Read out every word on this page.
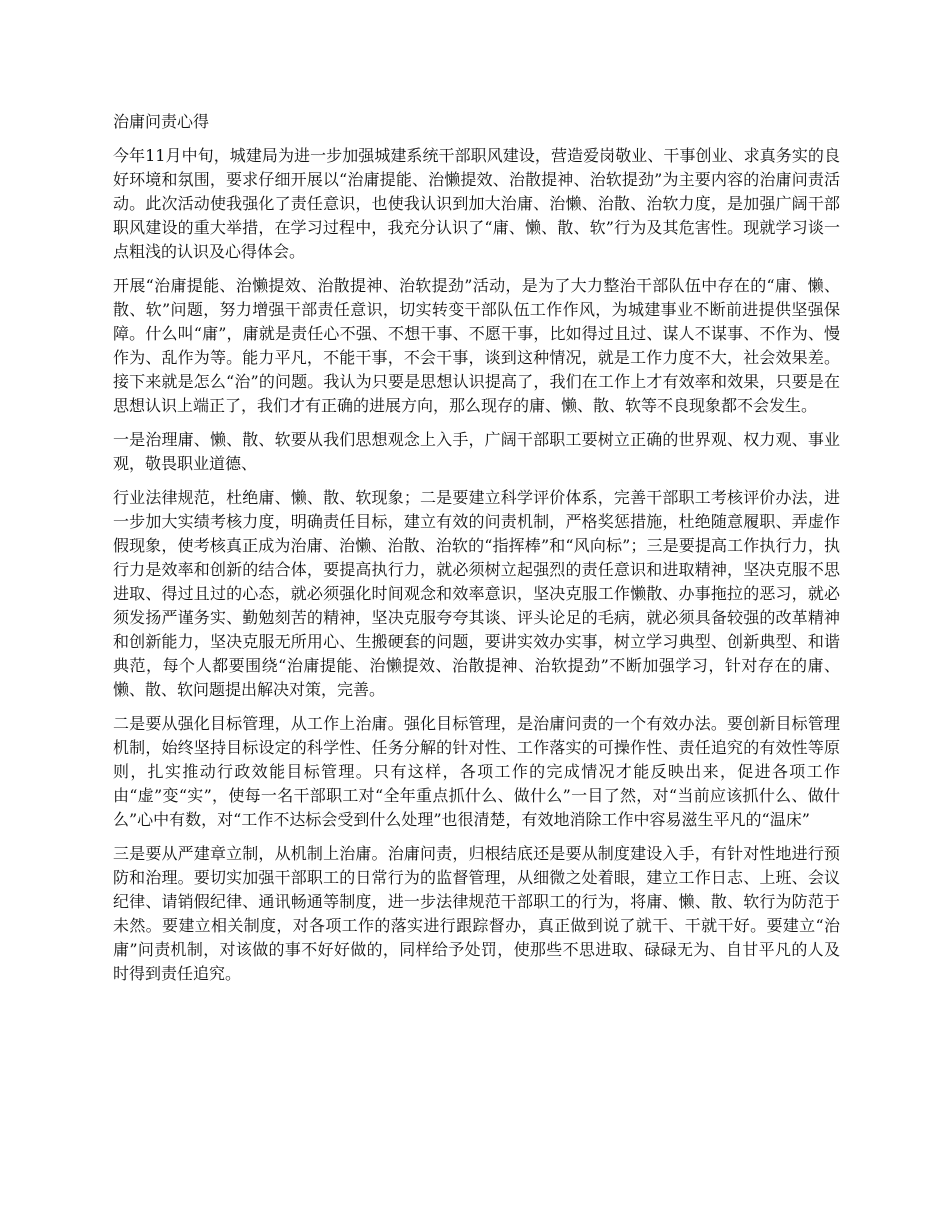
治庸问责心得

今年11月中旬，城建局为进一步加强城建系统干部职风建设，营造爱岗敬业、干事创业、求真务实的良好环境和氛围，要求仔细开展以“治庸提能、治懒提效、治散提神、治软提劲”为主要内容的治庸问责活动。此次活动使我强化了责任意识，也使我认识到加大治庸、治懒、治散、治软力度，是加强广阔干部职风建设的重大举措，在学习过程中，我充分认识了“庸、懒、散、软”行为及其危害性。现就学习谈一点粗浅的认识及心得体会。

开展“治庸提能、治懒提效、治散提神、治软提劲”活动，是为了大力整治干部队伍中存在的“庸、懒、散、软”问题，努力增强干部责任意识，切实转变干部队伍工作作风，为城建事业不断前进提供坚强保障。什么叫“庸”，庸就是责任心不强、不想干事、不愿干事，比如得过且过、谋人不谋事、不作为、慢作为、乱作为等。能力平凡，不能干事，不会干事，谈到这种情况，就是工作力度不大，社会效果差。接下来就是怎么“治”的问题。我认为只要是思想认识提高了，我们在工作上才有效率和效果，只要是在思想认识上端正了，我们才有正确的进展方向，那么现存的庸、懒、散、软等不良现象都不会发生。

一是治理庸、懒、散、软要从我们思想观念上入手，广阔干部职工要树立正确的世界观、权力观、事业观，敬畏职业道德、

行业法律规范，杜绝庸、懒、散、软现象；二是要建立科学评价体系，完善干部职工考核评价办法，进一步加大实绩考核力度，明确责任目标，建立有效的问责机制，严格奖惩措施，杜绝随意履职、弄虚作假现象，使考核真正成为治庸、治懒、治散、治软的“指挥棒”和“风向标”；三是要提高工作执行力，执行力是效率和创新的结合体，要提高执行力，就必须树立起强烈的责任意识和进取精神，坚决克服不思进取、得过且过的心态，就必须强化时间观念和效率意识，坚决克服工作懒散、办事拖拉的恶习，就必须发扬严谨务实、勤勉刻苦的精神，坚决克服夸夸其谈、评头论足的毛病，就必须具备较强的改革精神和创新能力，坚决克服无所用心、生搬硬套的问题，要讲实效办实事，树立学习典型、创新典型、和谐典范，每个人都要围绕“治庸提能、治懒提效、治散提神、治软提劲”不断加强学习，针对存在的庸、懒、散、软问题提出解决对策，完善。

二是要从强化目标管理，从工作上治庸。强化目标管理，是治庸问责的一个有效办法。要创新目标管理机制，始终坚持目标设定的科学性、任务分解的针对性、工作落实的可操作性、责任追究的有效性等原则，扎实推动行政效能目标管理。只有这样，各项工作的完成情况才能反映出来，促进各项工作由“虚”变“实”，使每一名干部职工对“全年重点抓什么、做什么”一目了然，对“当前应该抓什么、做什么”心中有数，对“工作不达标会受到什么处理”也很清楚，有效地消除工作中容易滋生平凡的“温床”

三是要从严建章立制，从机制上治庸。治庸问责，归根结底还是要从制度建设入手，有针对性地进行预防和治理。要切实加强干部职工的日常行为的监督管理，从细微之处着眼，建立工作日志、上班、会议纪律、请销假纪律、通讯畅通等制度，进一步法律规范干部职工的行为，将庸、懒、散、软行为防范于未然。要建立相关制度，对各项工作的落实进行跟踪督办，真正做到说了就干、干就干好。要建立“治庸”问责机制，对该做的事不好好做的，同样给予处罚，使那些不思进取、碌碌无为、自甘平凡的人及时得到责任追究。
